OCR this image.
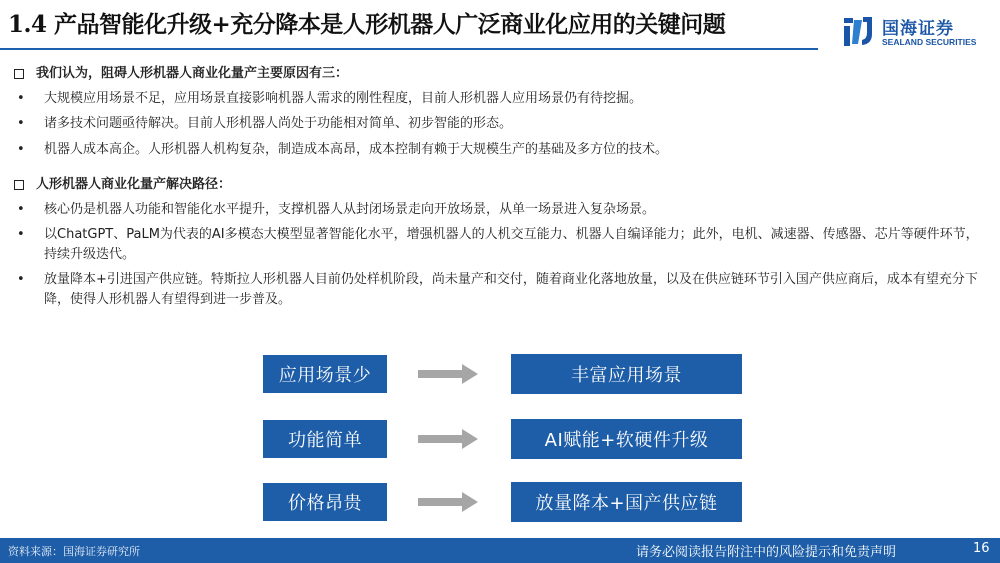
1.4 产品智能化升级+充分降本是人形机器人广泛商业化应用的关键问题	国海证券
SEALAND SECURITIES
我们认为，阻碍人形机器人商业化量产主要原因有三：
•	大规模应用场景不足，应用场景直接影响机器人需求的刚性程度，目前人形机器人应用场景仍有待挖掘。
•	诸多技术问题亟待解决。目前人形机器人尚处于功能相对简单、初步智能的形态。
•	机器人成本高企。人形机器人机构复杂，制造成本高昂，成本控制有赖于大规模生产的基础及多方位的技术。
人形机器人商业化量产解决路径：
•	核心仍是机器人功能和智能化水平提升，支撑机器人从封闭场景走向开放场景，从单一场景进入复杂场景。
•	以ChatGPT、PaLM为代表的AI多模态大模型显著智能化水平，增强机器人的人机交互能力、机器人自编译能力；此外，电机、减速器、传感器、芯片等硬件环节，持续升级迭代。
•	放量降本+引进国产供应链。特斯拉人形机器人目前仍处样机阶段，尚未量产和交付，随着商业化落地放量，以及在供应链环节引入国产供应商后，成本有望充分下降，使得人形机器人有望得到进一步普及。
应用场景少	丰富应用场景
功能简单	AI赋能+软硬件升级
价格昂贵	放量降本+国产供应链
资料来源：国海证券研究所	请务必阅读报告附注中的风险提示和免责声明	16
